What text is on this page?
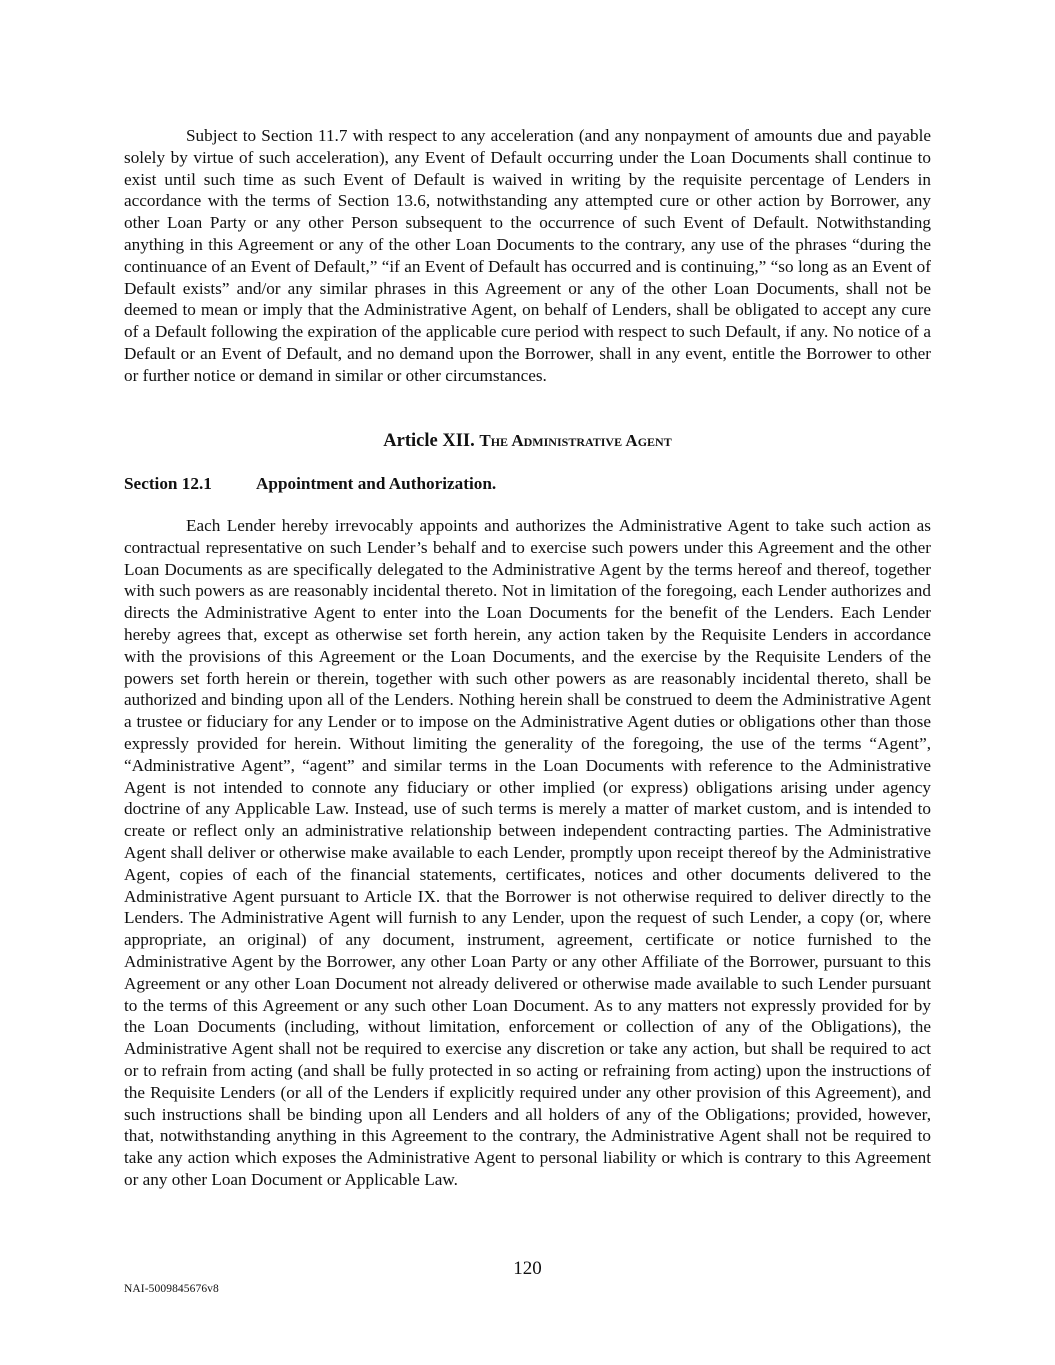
Subject to Section 11.7 with respect to any acceleration (and any nonpayment of amounts due and payable solely by virtue of such acceleration), any Event of Default occurring under the Loan Documents shall continue to exist until such time as such Event of Default is waived in writing by the requisite percentage of Lenders in accordance with the terms of Section 13.6, notwithstanding any attempted cure or other action by Borrower, any other Loan Party or any other Person subsequent to the occurrence of such Event of Default. Notwithstanding anything in this Agreement or any of the other Loan Documents to the contrary, any use of the phrases “during the continuance of an Event of Default,” “if an Event of Default has occurred and is continuing,” “so long as an Event of Default exists” and/or any similar phrases in this Agreement or any of the other Loan Documents, shall not be deemed to mean or imply that the Administrative Agent, on behalf of Lenders, shall be obligated to accept any cure of a Default following the expiration of the applicable cure period with respect to such Default, if any. No notice of a Default or an Event of Default, and no demand upon the Borrower, shall in any event, entitle the Borrower to other or further notice or demand in similar or other circumstances.

Article XII. The Administrative Agent
Section 12.1	Appointment and Authorization.

Each Lender hereby irrevocably appoints and authorizes the Administrative Agent to take such action as contractual representative on such Lender’s behalf and to exercise such powers under this Agreement and the other Loan Documents as are specifically delegated to the Administrative Agent by the terms hereof and thereof, together with such powers as are reasonably incidental thereto. Not in limitation of the foregoing, each Lender authorizes and directs the Administrative Agent to enter into the Loan Documents for the benefit of the Lenders. Each Lender hereby agrees that, except as otherwise set forth herein, any action taken by the Requisite Lenders in accordance with the provisions of this Agreement or the Loan Documents, and the exercise by the Requisite Lenders of the powers set forth herein or therein, together with such other powers as are reasonably incidental thereto, shall be authorized and binding upon all of the Lenders. Nothing herein shall be construed to deem the Administrative Agent a trustee or fiduciary for any Lender or to impose on the Administrative Agent duties or obligations other than those expressly provided for herein. Without limiting the generality of the foregoing, the use of the terms “Agent”, “Administrative Agent”, “agent” and similar terms in the Loan Documents with reference to the Administrative Agent is not intended to connote any fiduciary or other implied (or express) obligations arising under agency doctrine of any Applicable Law. Instead, use of such terms is merely a matter of market custom, and is intended to create or reflect only an administrative relationship between independent contracting parties. The Administrative Agent shall deliver or otherwise make available to each Lender, promptly upon receipt thereof by the Administrative Agent, copies of each of the financial statements, certificates, notices and other documents delivered to the Administrative Agent pursuant to Article IX. that the Borrower is not otherwise required to deliver directly to the Lenders. The Administrative Agent will furnish to any Lender, upon the request of such Lender, a copy (or, where appropriate, an original) of any document, instrument, agreement, certificate or notice furnished to the Administrative Agent by the Borrower, any other Loan Party or any other Affiliate of the Borrower, pursuant to this Agreement or any other Loan Document not already delivered or otherwise made available to such Lender pursuant to the terms of this Agreement or any such other Loan Document. As to any matters not expressly provided for by the Loan Documents (including, without limitation, enforcement or collection of any of the Obligations), the Administrative Agent shall not be required to exercise any discretion or take any action, but shall be required to act or to refrain from acting (and shall be fully protected in so acting or refraining from acting) upon the instructions of the Requisite Lenders (or all of the Lenders if explicitly required under any other provision of this Agreement), and such instructions shall be binding upon all Lenders and all holders of any of the Obligations; provided, however, that, notwithstanding anything in this Agreement to the contrary, the Administrative Agent shall not be required to take any action which exposes the Administrative Agent to personal liability or which is contrary to this Agreement or any other Loan Document or Applicable Law.

120
NAI-5009845676v8
